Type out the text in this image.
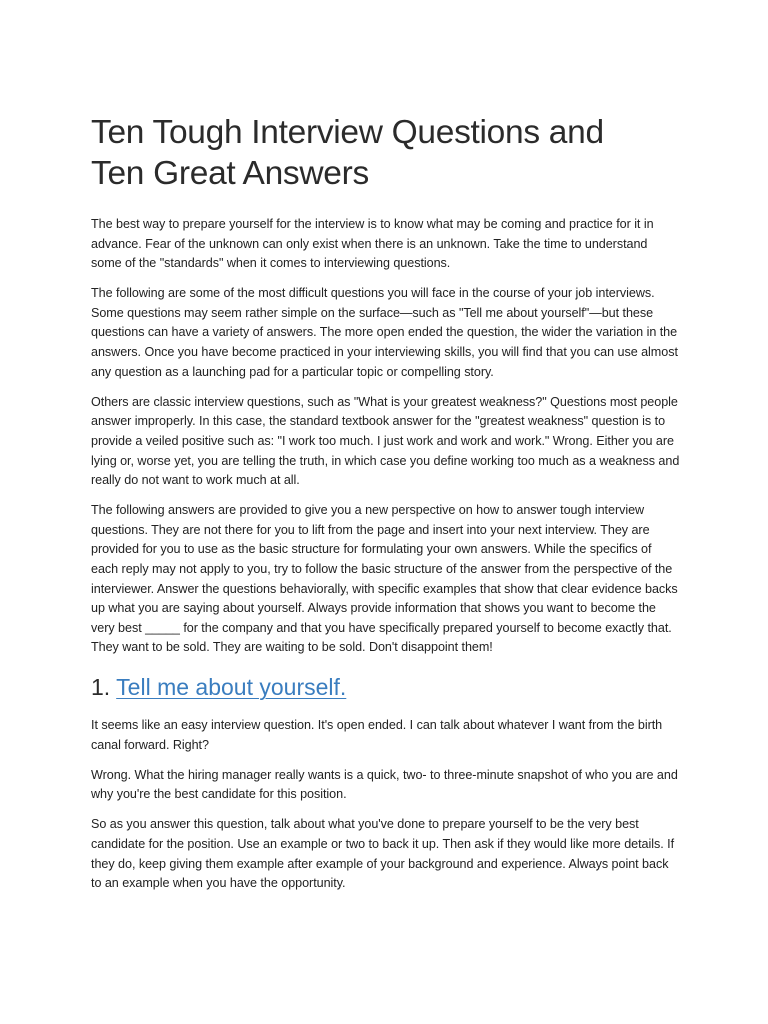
Ten Tough Interview Questions and
Ten Great Answers

The best way to prepare yourself for the interview is to know what may be coming and practice for it in advance. Fear of the unknown can only exist when there is an unknown. Take the time to understand some of the "standards" when it comes to interviewing questions.

The following are some of the most difficult questions you will face in the course of your job interviews. Some questions may seem rather simple on the surface—such as "Tell me about yourself"—but these questions can have a variety of answers. The more open ended the question, the wider the variation in the answers. Once you have become practiced in your interviewing skills, you will find that you can use almost any question as a launching pad for a particular topic or compelling story.

Others are classic interview questions, such as "What is your greatest weakness?" Questions most people answer improperly. In this case, the standard textbook answer for the "greatest weakness" question is to provide a veiled positive such as: "I work too much. I just work and work and work." Wrong. Either you are lying or, worse yet, you are telling the truth, in which case you define working too much as a weakness and really do not want to work much at all.

The following answers are provided to give you a new perspective on how to answer tough interview questions. They are not there for you to lift from the page and insert into your next interview. They are provided for you to use as the basic structure for formulating your own answers. While the specifics of each reply may not apply to you, try to follow the basic structure of the answer from the perspective of the interviewer. Answer the questions behaviorally, with specific examples that show that clear evidence backs up what you are saying about yourself. Always provide information that shows you want to become the very best _____ for the company and that you have specifically prepared yourself to become exactly that. They want to be sold. They are waiting to be sold. Don't disappoint them!

1. Tell me about yourself.

It seems like an easy interview question. It's open ended. I can talk about whatever I want from the birth canal forward. Right?

Wrong. What the hiring manager really wants is a quick, two- to three-minute snapshot of who you are and why you're the best candidate for this position.

So as you answer this question, talk about what you've done to prepare yourself to be the very best candidate for the position. Use an example or two to back it up. Then ask if they would like more details. If they do, keep giving them example after example of your background and experience. Always point back to an example when you have the opportunity.
